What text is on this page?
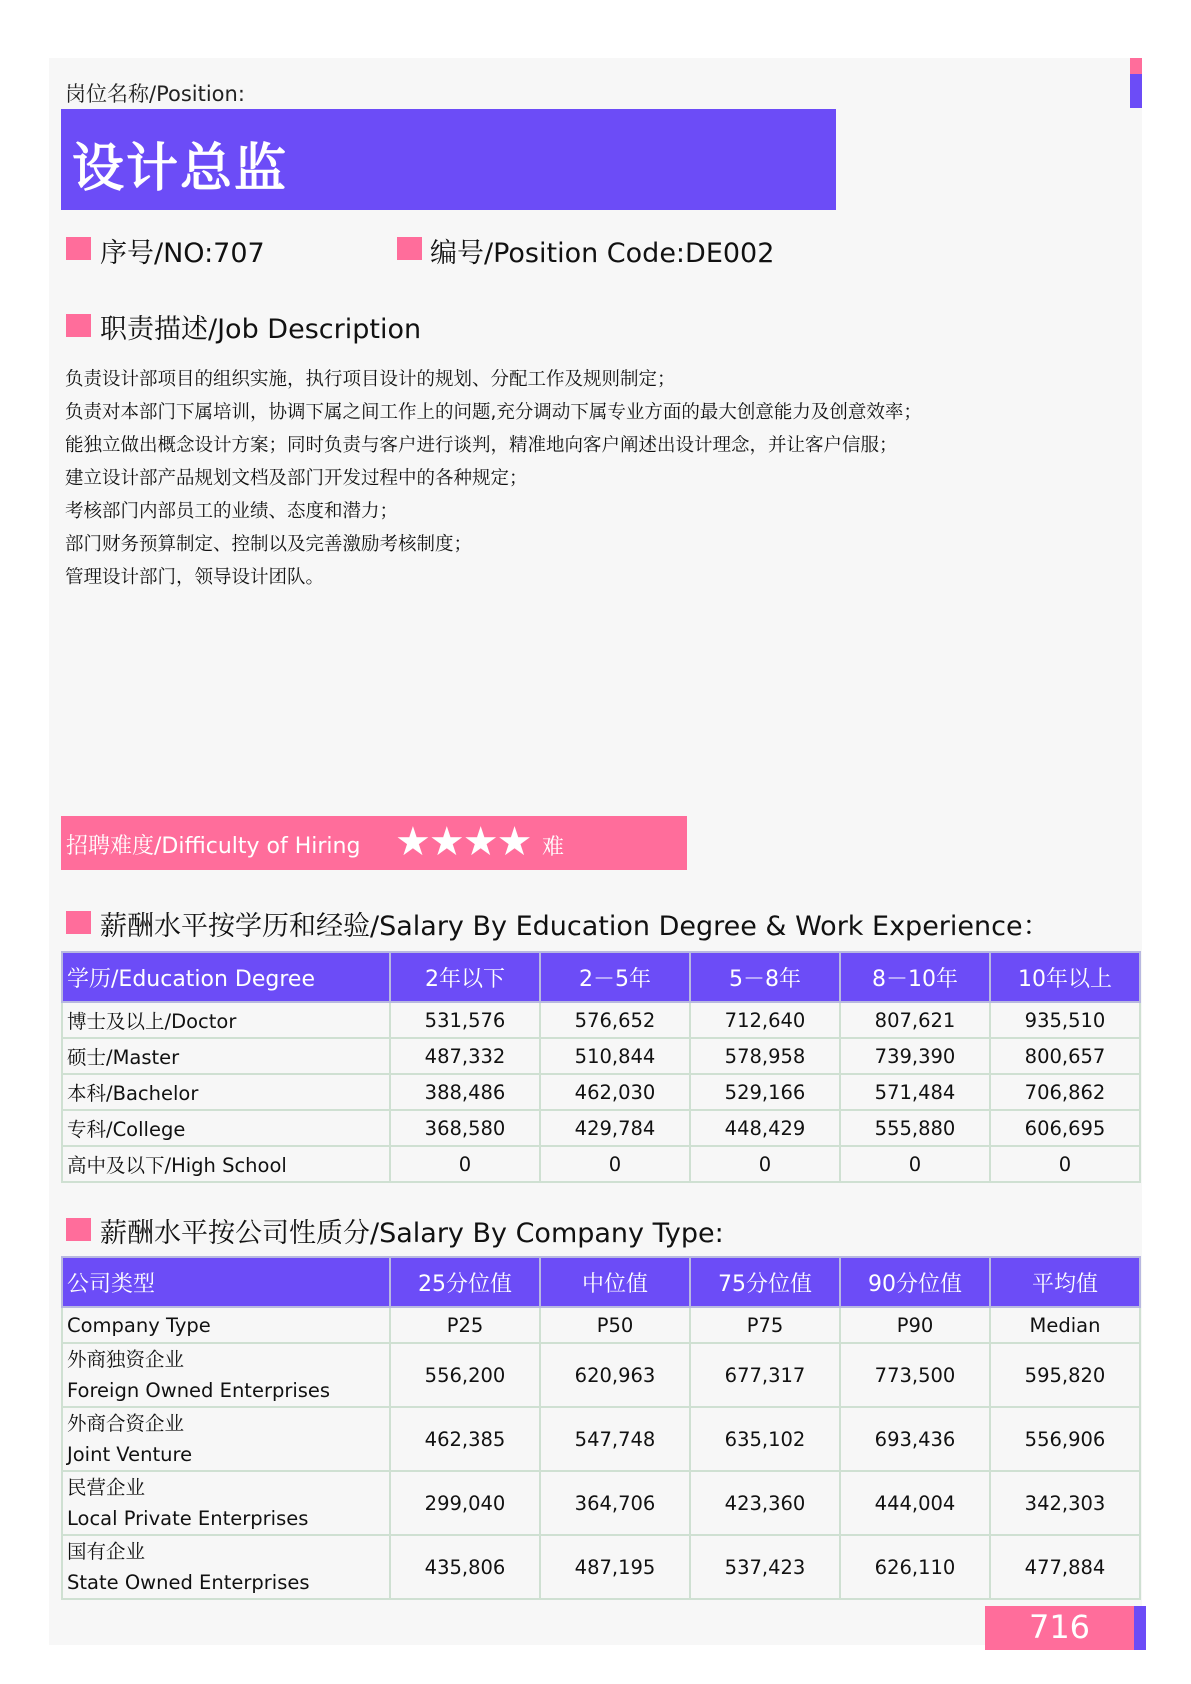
岗位名称/Position:
设计总监
序号/NO:707	编号/Position Code:DE002
职责描述/Job Description
负责设计部项目的组织实施，执行项目设计的规划、分配工作及规则制定；
负责对本部门下属培训，协调下属之间工作上的问题,充分调动下属专业方面的最大创意能力及创意效率；
能独立做出概念设计方案；同时负责与客户进行谈判，精准地向客户阐述出设计理念，并让客户信服；
建立设计部产品规划文档及部门开发过程中的各种规定；
考核部门内部员工的业绩、态度和潜力；
部门财务预算制定、控制以及完善激励考核制度；
管理设计部门，领导设计团队。
招聘难度/Difficulty of Hiring ★★★★ 难
薪酬水平按学历和经验/Salary By Education Degree & Work Experience：
学历/Education Degree	2年以下	2－5年	5－8年	8－10年	10年以上
博士及以上/Doctor	531,576	576,652	712,640	807,621	935,510
硕士/Master	487,332	510,844	578,958	739,390	800,657
本科/Bachelor	388,486	462,030	529,166	571,484	706,862
专科/College	368,580	429,784	448,429	555,880	606,695
高中及以下/High School	0	0	0	0	0
薪酬水平按公司性质分/Salary By Company Type:
公司类型	25分位值	中位值	75分位值	90分位值	平均值
Company Type	P25	P50	P75	P90	Median

外商独资企业
Foreign Owned Enterprises	556,200	620,963	677,317	773,500	595,820

外商合资企业
Joint Venture	462,385	547,748	635,102	693,436	556,906

民营企业
Local Private Enterprises	299,040	364,706	423,360	444,004	342,303

国有企业
State Owned Enterprises	435,806	487,195	537,423	626,110	477,884
716
